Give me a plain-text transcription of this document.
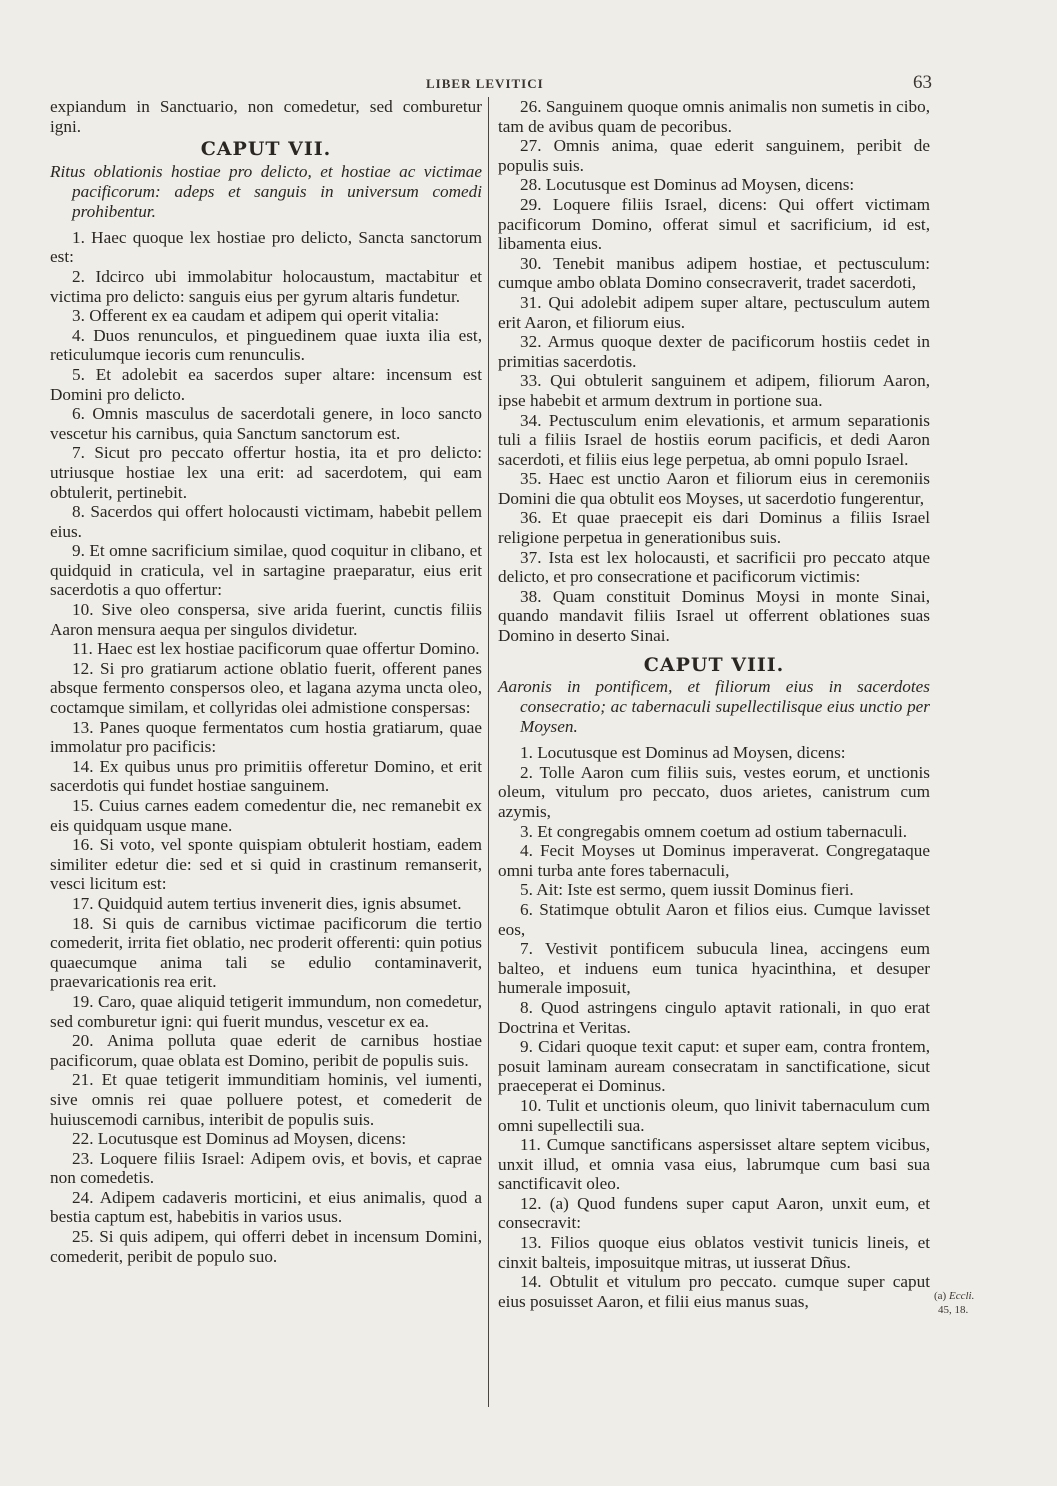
LIBER LEVITICI	63

expiandum in Sanctuario, non comedetur, sed comburetur igni.

CAPUT VII.

Ritus oblationis hostiae pro delicto, et hostiae ac victimae pacificorum: adeps et sanguis in universum comedi prohibentur.

1. Haec quoque lex hostiae pro delicto, Sancta sanctorum est:

2. Idcirco ubi immolabitur holocaustum, mactabitur et victima pro delicto: sanguis eius per gyrum altaris fundetur.

3. Offerent ex ea caudam et adipem qui operit vitalia:

4. Duos renunculos, et pinguedinem quae iuxta ilia est, reticulumque iecoris cum renunculis.

5. Et adolebit ea sacerdos super altare: incensum est Domini pro delicto.

6. Omnis masculus de sacerdotali genere, in loco sancto vescetur his carnibus, quia Sanctum sanctorum est.

7. Sicut pro peccato offertur hostia, ita et pro delicto: utriusque hostiae lex una erit: ad sacerdotem, qui eam obtulerit, pertinebit.

8. Sacerdos qui offert holocausti victimam, habebit pellem eius.

9. Et omne sacrificium similae, quod coquitur in clibano, et quidquid in craticula, vel in sartagine praeparatur, eius erit sacerdotis a quo offertur:

10. Sive oleo conspersa, sive arida fuerint, cunctis filiis Aaron mensura aequa per singulos dividetur.

11. Haec est lex hostiae pacificorum quae offertur Domino.

12. Si pro gratiarum actione oblatio fuerit, offerent panes absque fermento conspersos oleo, et lagana azyma uncta oleo, coctamque similam, et collyridas olei admistione conspersas:

13. Panes quoque fermentatos cum hostia gratiarum, quae immolatur pro pacificis:

14. Ex quibus unus pro primitiis offeretur Domino, et erit sacerdotis qui fundet hostiae sanguinem.

15. Cuius carnes eadem comedentur die, nec remanebit ex eis quidquam usque mane.

16. Si voto, vel sponte quispiam obtulerit hostiam, eadem similiter edetur die: sed et si quid in crastinum remanserit, vesci licitum est:

17. Quidquid autem tertius invenerit dies, ignis absumet.

18. Si quis de carnibus victimae pacificorum die tertio comederit, irrita fiet oblatio, nec proderit offerenti: quin potius quaecumque anima tali se edulio contaminaverit, praevaricationis rea erit.

19. Caro, quae aliquid tetigerit immundum, non comedetur, sed comburetur igni: qui fuerit mundus, vescetur ex ea.

20. Anima polluta quae ederit de carnibus hostiae pacificorum, quae oblata est Domino, peribit de populis suis.

21. Et quae tetigerit immunditiam hominis, vel iumenti, sive omnis rei quae polluere potest, et comederit de huiuscemodi carnibus, interibit de populis suis.

22. Locutusque est Dominus ad Moysen, dicens:

23. Loquere filiis Israel: Adipem ovis, et bovis, et caprae non comedetis.

24. Adipem cadaveris morticini, et eius animalis, quod a bestia captum est, habebitis in varios usus.

25. Si quis adipem, qui offerri debet in incensum Domini, comederit, peribit de populo suo.

26. Sanguinem quoque omnis animalis non sumetis in cibo, tam de avibus quam de pecoribus.

27. Omnis anima, quae ederit sanguinem, peribit de populis suis.

28. Locutusque est Dominus ad Moysen, dicens:

29. Loquere filiis Israel, dicens: Qui offert victimam pacificorum Domino, offerat simul et sacrificium, id est, libamenta eius.

30. Tenebit manibus adipem hostiae, et pectusculum: cumque ambo oblata Domino consecraverit, tradet sacerdoti,

31. Qui adolebit adipem super altare, pectusculum autem erit Aaron, et filiorum eius.

32. Armus quoque dexter de pacificorum hostiis cedet in primitias sacerdotis.

33. Qui obtulerit sanguinem et adipem, filiorum Aaron, ipse habebit et armum dextrum in portione sua.

34. Pectusculum enim elevationis, et armum separationis tuli a filiis Israel de hostiis eorum pacificis, et dedi Aaron sacerdoti, et filiis eius lege perpetua, ab omni populo Israel.

35. Haec est unctio Aaron et filiorum eius in ceremoniis Domini die qua obtulit eos Moyses, ut sacerdotio fungerentur,

36. Et quae praecepit eis dari Dominus a filiis Israel religione perpetua in generationibus suis.

37. Ista est lex holocausti, et sacrificii pro peccato atque delicto, et pro consecratione et pacificorum victimis:

38. Quam constituit Dominus Moysi in monte Sinai, quando mandavit filiis Israel ut offerrent oblationes suas Domino in deserto Sinai.

CAPUT VIII.

Aaronis in pontificem, et filiorum eius in sacerdotes consecratio; ac tabernaculi supellectilisque eius unctio per Moysen.

1. Locutusque est Dominus ad Moysen, dicens:

2. Tolle Aaron cum filiis suis, vestes eorum, et unctionis oleum, vitulum pro peccato, duos arietes, canistrum cum azymis,

3. Et congregabis omnem coetum ad ostium tabernaculi.

4. Fecit Moyses ut Dominus imperaverat. Congregataque omni turba ante fores tabernaculi,

5. Ait: Iste est sermo, quem iussit Dominus fieri.

6. Statimque obtulit Aaron et filios eius. Cumque lavisset eos,

7. Vestivit pontificem subucula linea, accingens eum balteo, et induens eum tunica hyacinthina, et desuper humerale imposuit,

8. Quod astringens cingulo aptavit rationali, in quo erat Doctrina et Veritas.

9. Cidari quoque texit caput: et super eam, contra frontem, posuit laminam auream consecratam in sanctificatione, sicut praeceperat ei Dominus.

10. Tulit et unctionis oleum, quo linivit tabernaculum cum omni supellectili sua.

11. Cumque sanctificans aspersisset altare septem vicibus, unxit illud, et omnia vasa eius, labrumque cum basi sua sanctificavit oleo.

12. (a) Quod fundens super caput Aaron, unxit eum, et consecravit:

13. Filios quoque eius oblatos vestivit tunicis lineis, et cinxit balteis, imposuitque mitras, ut iusserat Dñus.

14. Obtulit et vitulum pro peccato. cumque super caput eius posuisset Aaron, et filii eius manus suas,	(a) Eccli.
45, 18.
